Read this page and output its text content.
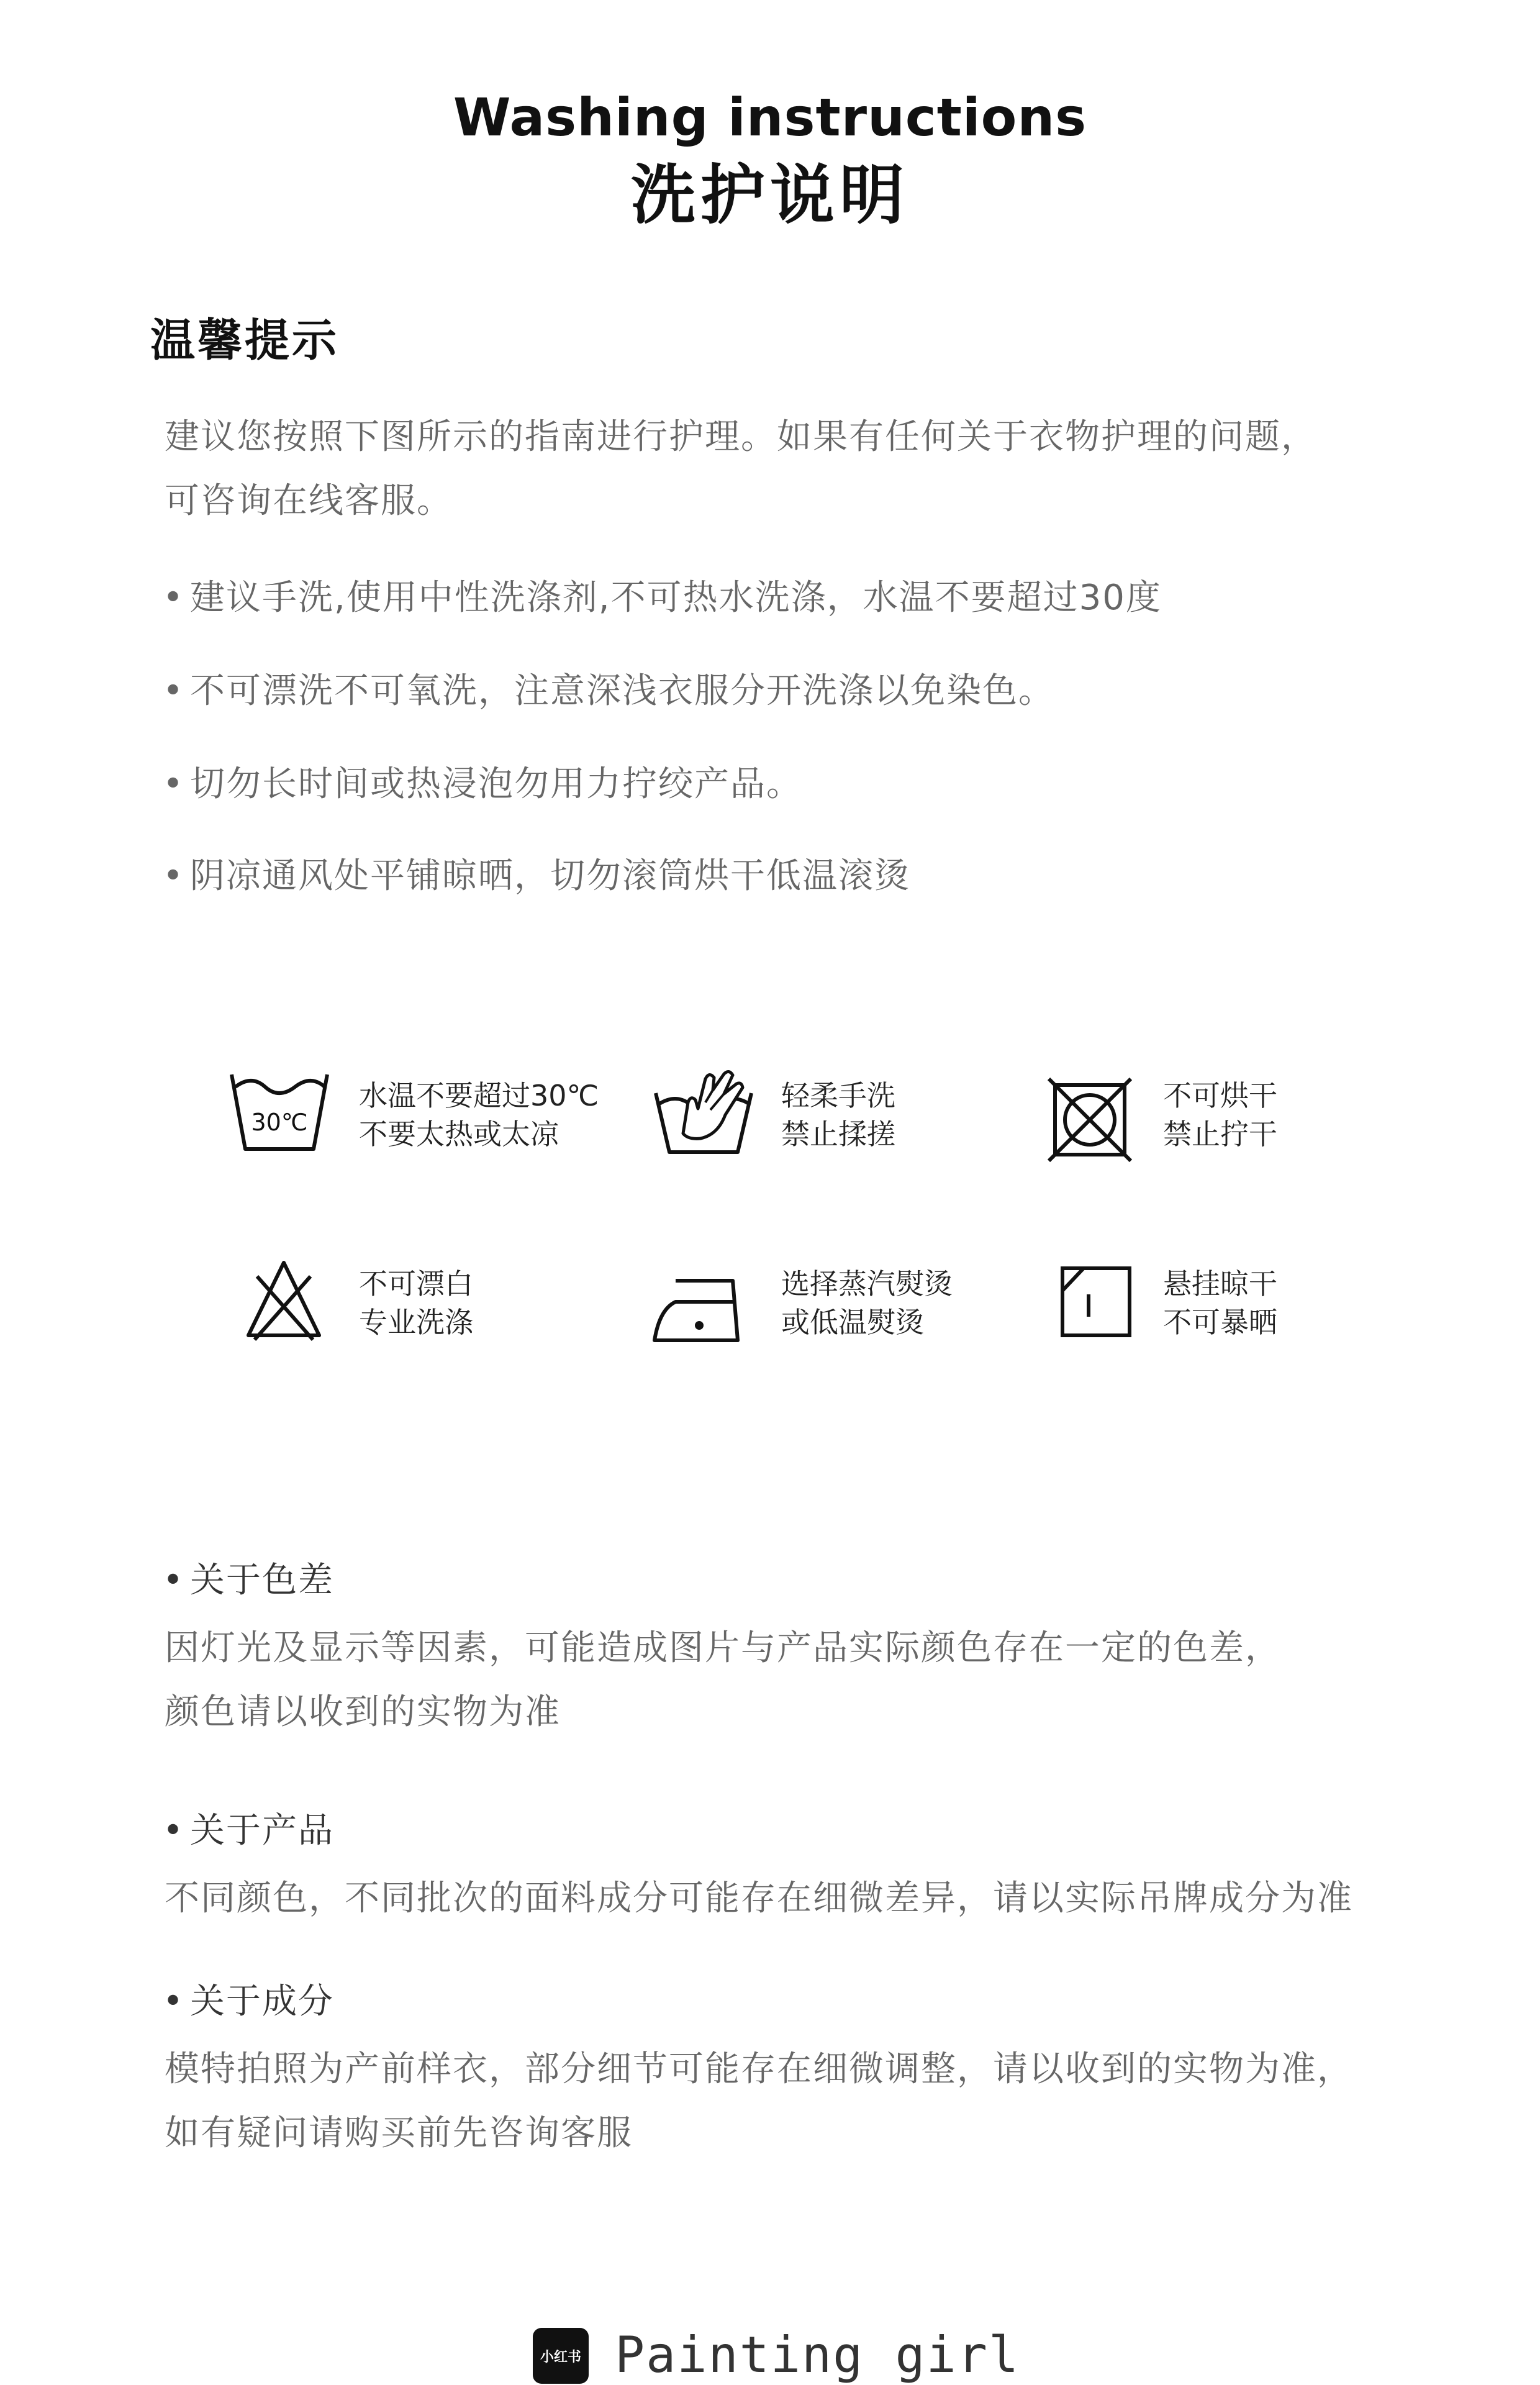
Washing instructions
洗护说明
温馨提示
建议您按照下图所示的指南进行护理。如果有任何关于衣物护理的问题，
可咨询在线客服。
• 建议手洗,使用中性洗涤剂,不可热水洗涤，水温不要超过30度
• 不可漂洗不可氧洗，注意深浅衣服分开洗涤以免染色。
• 切勿长时间或热浸泡勿用力拧绞产品。
• 阴凉通风处平铺晾晒，切勿滚筒烘干低温滚烫
30℃
水温不要超过30℃
不要太热或太凉
轻柔手洗
禁止揉搓
不可烘干
禁止拧干
不可漂白
专业洗涤
选择蒸汽熨烫
或低温熨烫
悬挂晾干
不可暴晒
• 关于色差
因灯光及显示等因素，可能造成图片与产品实际颜色存在一定的色差，
颜色请以收到的实物为准
• 关于产品
不同颜色，不同批次的面料成分可能存在细微差异，请以实际吊牌成分为准
• 关于成分
模特拍照为产前样衣，部分细节可能存在细微调整，请以收到的实物为准，
如有疑问请购买前先咨询客服
小红书 Painting girl
